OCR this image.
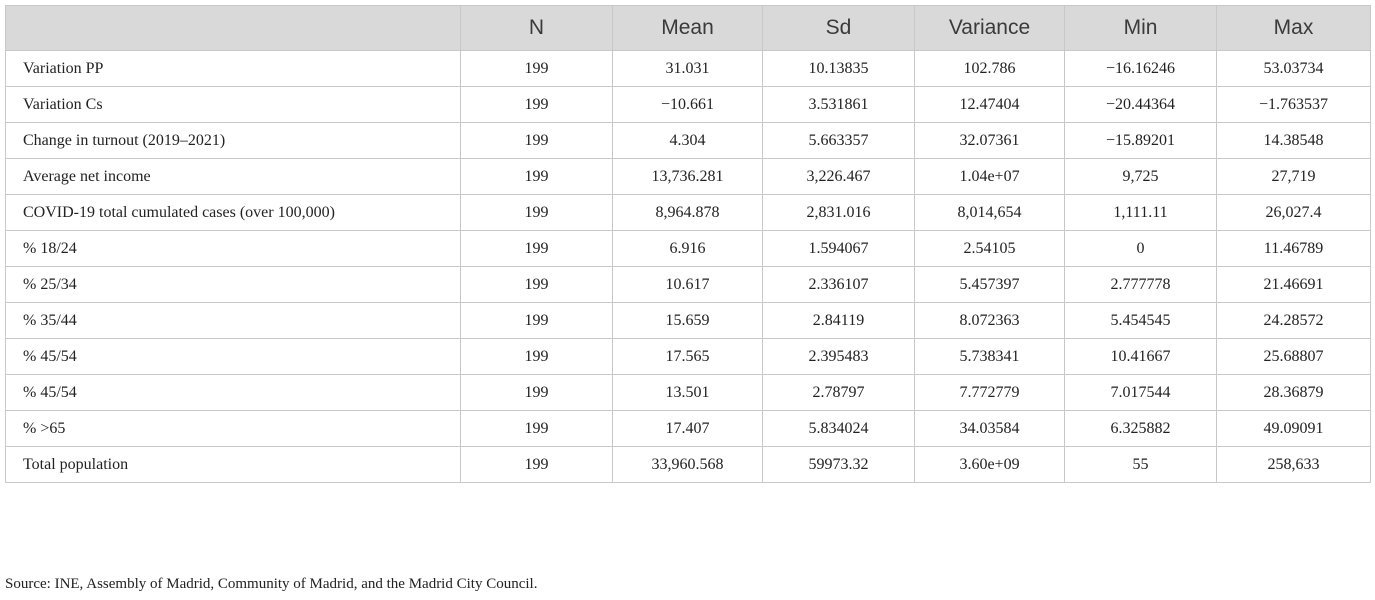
	N	Mean	Sd	Variance	Min	Max
Variation PP	199	31.031	10.13835	102.786	−16.16246	53.03734
Variation Cs	199	−10.661	3.531861	12.47404	−20.44364	−1.763537
Change in turnout (2019–2021)	199	4.304	5.663357	32.07361	−15.89201	14.38548
Average net income	199	13,736.281	3,226.467	1.04e+07	9,725	27,719
COVID-19 total cumulated cases (over 100,000)	199	8,964.878	2,831.016	8,014,654	1,111.11	26,027.4
% 18/24	199	6.916	1.594067	2.54105	0	11.46789
% 25/34	199	10.617	2.336107	5.457397	2.777778	21.46691
% 35/44	199	15.659	2.84119	8.072363	5.454545	24.28572
% 45/54	199	17.565	2.395483	5.738341	10.41667	25.68807
% 45/54	199	13.501	2.78797	7.772779	7.017544	28.36879
% >65	199	17.407	5.834024	34.03584	6.325882	49.09091
Total population	199	33,960.568	59973.32	3.60e+09	55	258,633
Source: INE, Assembly of Madrid, Community of Madrid, and the Madrid City Council.
